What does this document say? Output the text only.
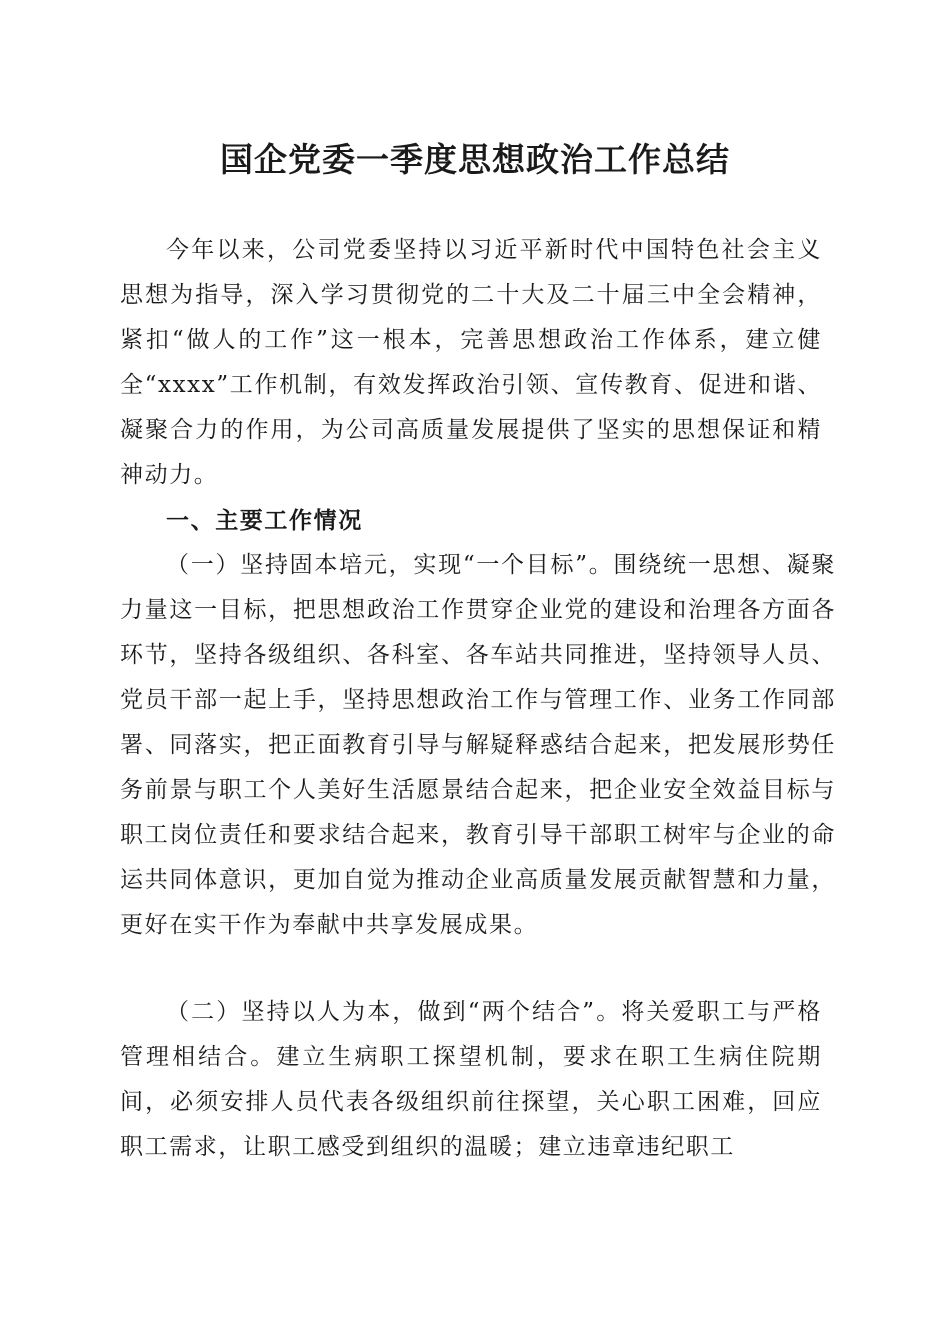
国企党委一季度思想政治工作总结

今年以来，公司党委坚持以习近平新时代中国特色社会主义思想为指导，深入学习贯彻党的二十大及二十届三中全会精神，紧扣“做人的工作”这一根本，完善思想政治工作体系，建立健全“xxxx”工作机制，有效发挥政治引领、宣传教育、促进和谐、凝聚合力的作用，为公司高质量发展提供了坚实的思想保证和精神动力。

一、主要工作情况

（一）坚持固本培元，实现“一个目标”。围绕统一思想、凝聚力量这一目标，把思想政治工作贯穿企业党的建设和治理各方面各环节，坚持各级组织、各科室、各车站共同推进，坚持领导人员、党员干部一起上手，坚持思想政治工作与管理工作、业务工作同部署、同落实，把正面教育引导与解疑释惑结合起来，把发展形势任务前景与职工个人美好生活愿景结合起来，把企业安全效益目标与职工岗位责任和要求结合起来，教育引导干部职工树牢与企业的命运共同体意识，更加自觉为推动企业高质量发展贡献智慧和力量，更好在实干作为奉献中共享发展成果。

（二）坚持以人为本，做到“两个结合”。将关爱职工与严格管理相结合。建立生病职工探望机制，要求在职工生病住院期间，必须安排人员代表各级组织前往探望，关心职工困难，回应职工需求，让职工感受到组织的温暖；建立违章违纪职工
